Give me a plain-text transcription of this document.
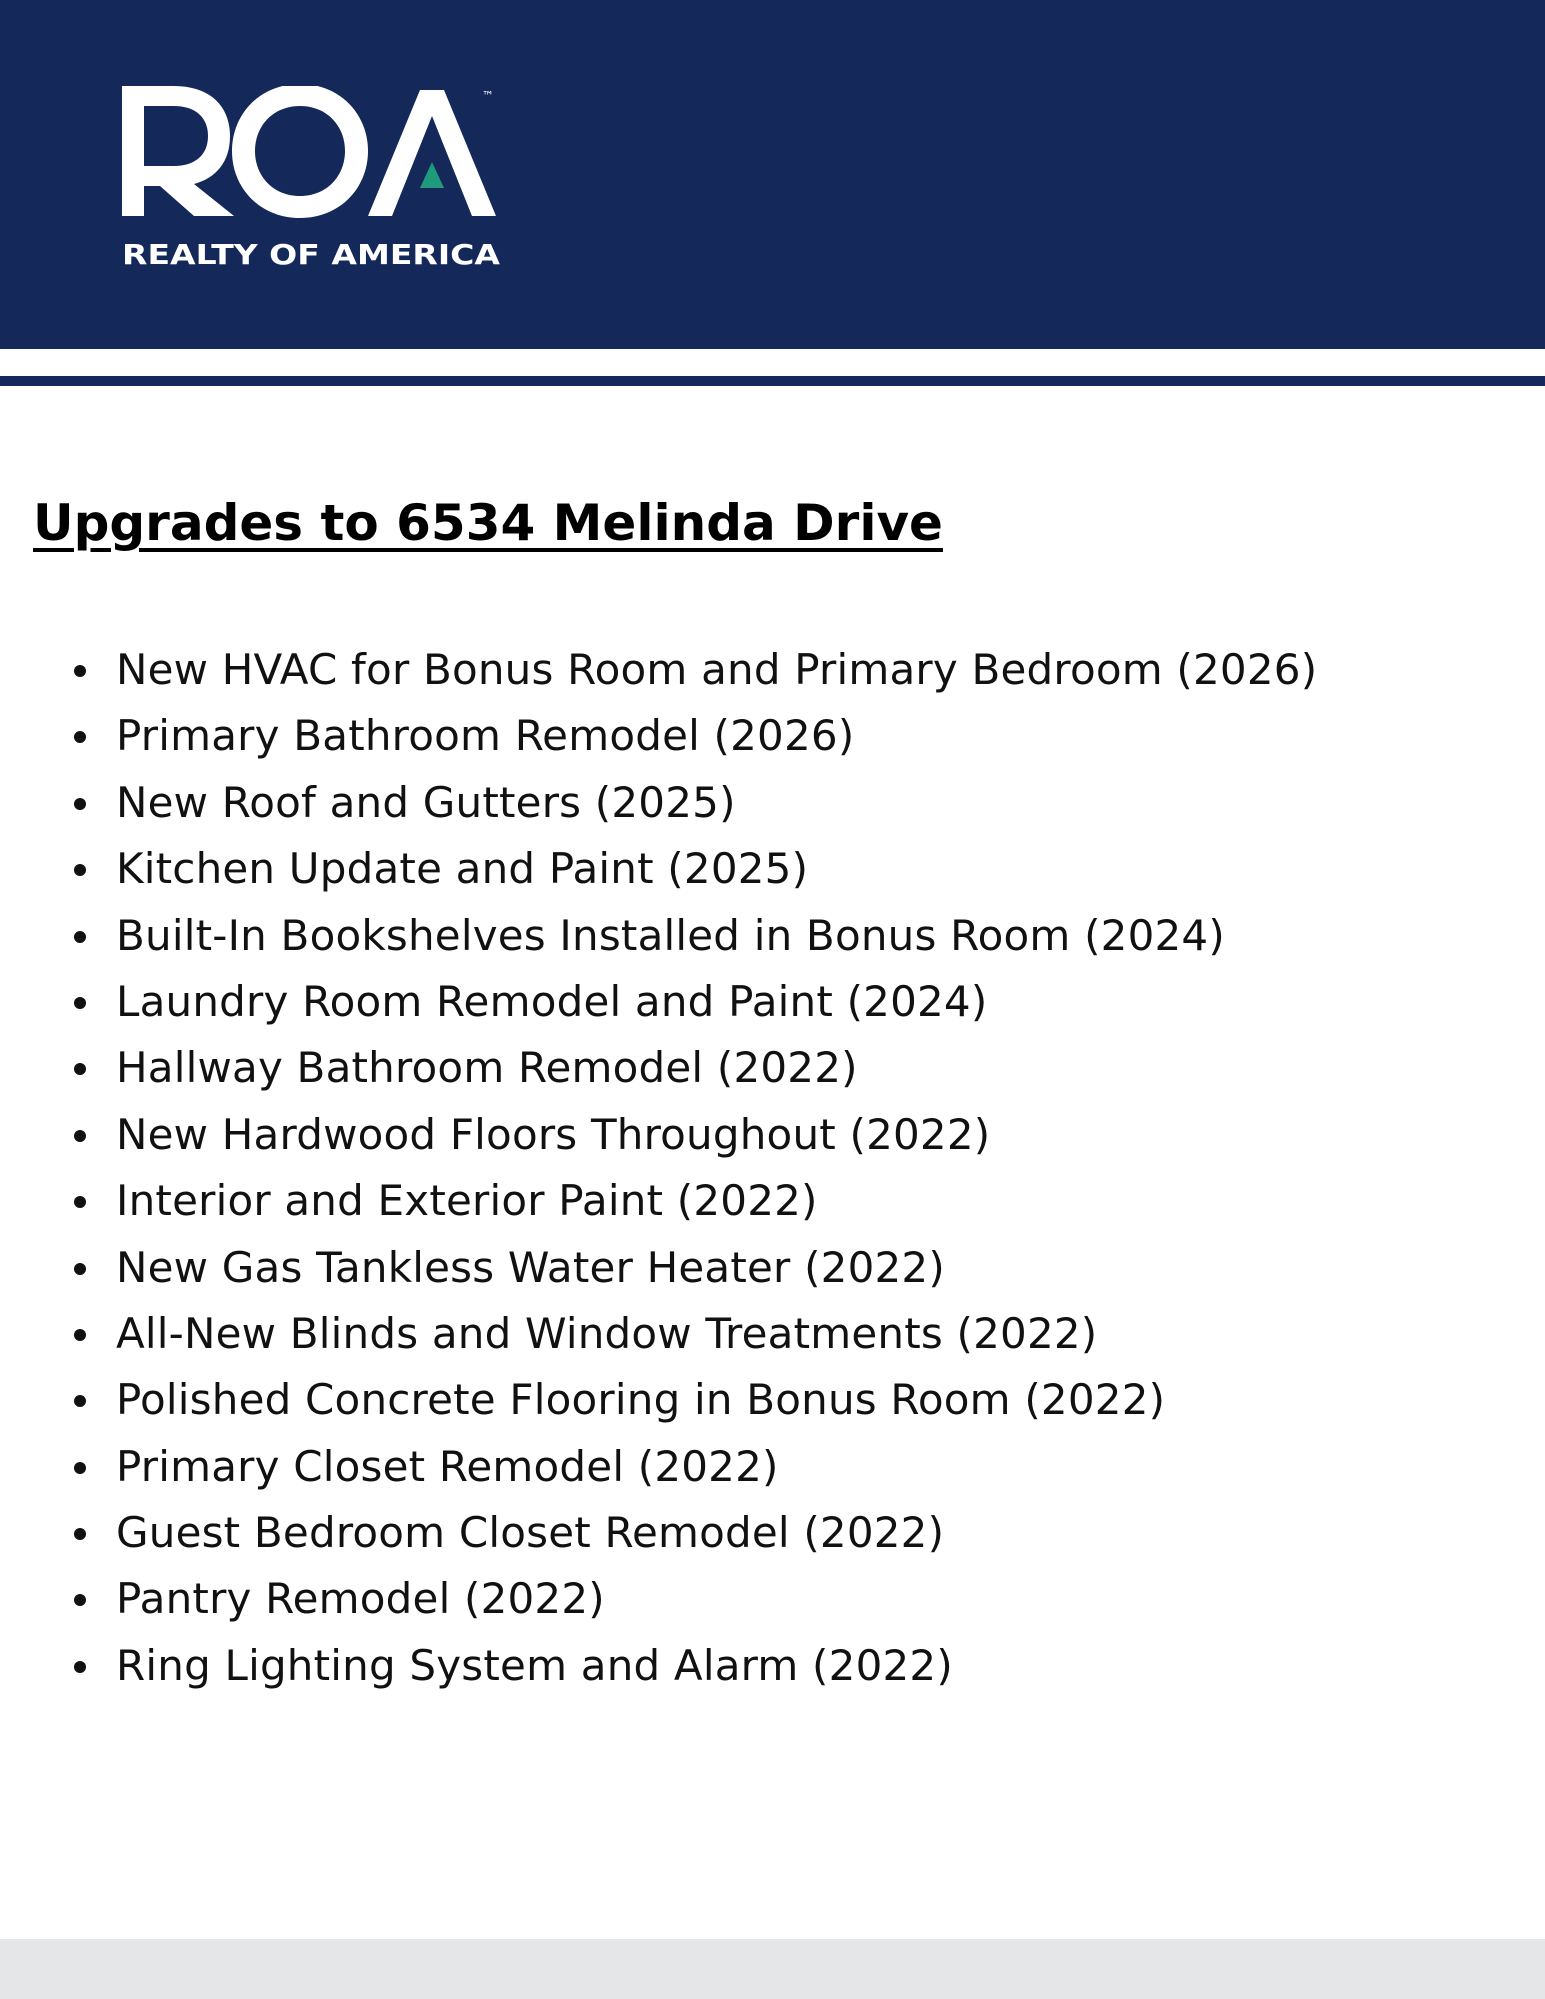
™
REALTY OF AMERICA
Upgrades to 6534 Melinda Drive
New HVAC for Bonus Room and Primary Bedroom (2026)
Primary Bathroom Remodel (2026)
New Roof and Gutters (2025)
Kitchen Update and Paint (2025)
Built-In Bookshelves Installed in Bonus Room (2024)
Laundry Room Remodel and Paint (2024)
Hallway Bathroom Remodel (2022)
New Hardwood Floors Throughout (2022)
Interior and Exterior Paint (2022)
New Gas Tankless Water Heater (2022)
All-New Blinds and Window Treatments (2022)
Polished Concrete Flooring in Bonus Room (2022)
Primary Closet Remodel (2022)
Guest Bedroom Closet Remodel (2022)
Pantry Remodel (2022)
Ring Lighting System and Alarm (2022)
